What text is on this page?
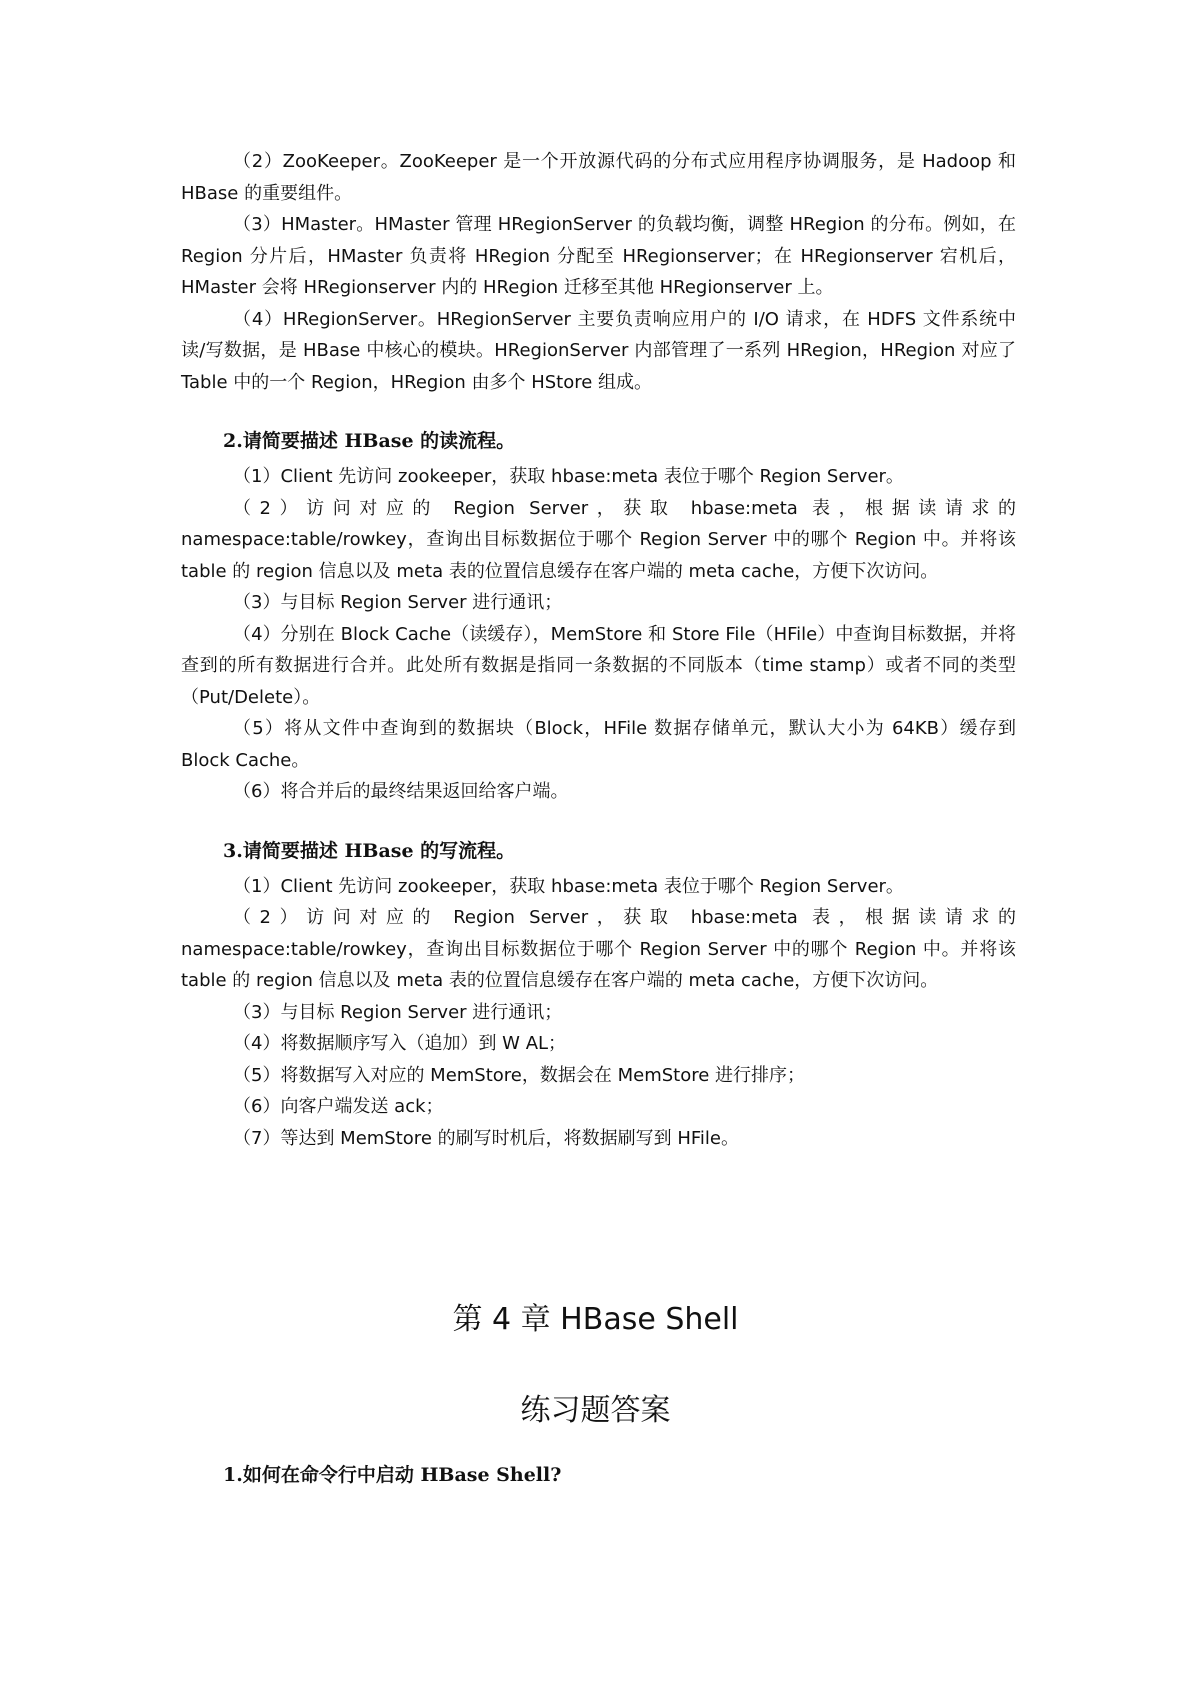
（2）ZooKeeper。ZooKeeper 是一个开放源代码的分布式应用程序协调服务，是 Hadoop 和 HBase 的重要组件。

（3）HMaster。HMaster 管理 HRegionServer 的负载均衡，调整 HRegion 的分布。例如，在 Region 分片后，HMaster 负责将 HRegion 分配至 HRegionserver；在 HRegionserver 宕机后，HMaster 会将 HRegionserver 内的 HRegion 迁移至其他 HRegionserver 上。

（4）HRegionServer。HRegionServer 主要负责响应用户的 I/O 请求，在 HDFS 文件系统中读/写数据，是 HBase 中核心的模块。HRegionServer 内部管理了一系列 HRegion，HRegion 对应了 Table 中的一个 Region，HRegion 由多个 HStore 组成。

2.请简要描述 HBase 的读流程。

（1）Client 先访问 zookeeper，获取 hbase:meta 表位于哪个 Region Server。

（2）访问对应的 Region Server，获取 hbase:meta 表，根据读请求的 namespace:table/rowkey，查询出目标数据位于哪个 Region Server 中的哪个 Region 中。并将该 table 的 region 信息以及 meta 表的位置信息缓存在客户端的 meta cache，方便下次访问。

（3）与目标 Region Server 进行通讯；

（4）分别在 Block Cache（读缓存），MemStore 和 Store File（HFile）中查询目标数据，并将查到的所有数据进行合并。此处所有数据是指同一条数据的不同版本（time stamp）或者不同的类型（Put/Delete）。

（5）将从文件中查询到的数据块（Block，HFile 数据存储单元，默认大小为 64KB）缓存到 Block Cache。

（6）将合并后的最终结果返回给客户端。

3.请简要描述 HBase 的写流程。

（1）Client 先访问 zookeeper，获取 hbase:meta 表位于哪个 Region Server。

（2）访问对应的 Region Server，获取 hbase:meta 表，根据读请求的 namespace:table/rowkey，查询出目标数据位于哪个 Region Server 中的哪个 Region 中。并将该 table 的 region 信息以及 meta 表的位置信息缓存在客户端的 meta cache，方便下次访问。

（3）与目标 Region Server 进行通讯；

（4）将数据顺序写入（追加）到 W AL；

（5）将数据写入对应的 MemStore，数据会在 MemStore 进行排序；

（6）向客户端发送 ack；

（7）等达到 MemStore 的刷写时机后，将数据刷写到 HFile。

第 4 章 HBase Shell
练习题答案
1.如何在命令行中启动 HBase Shell?
